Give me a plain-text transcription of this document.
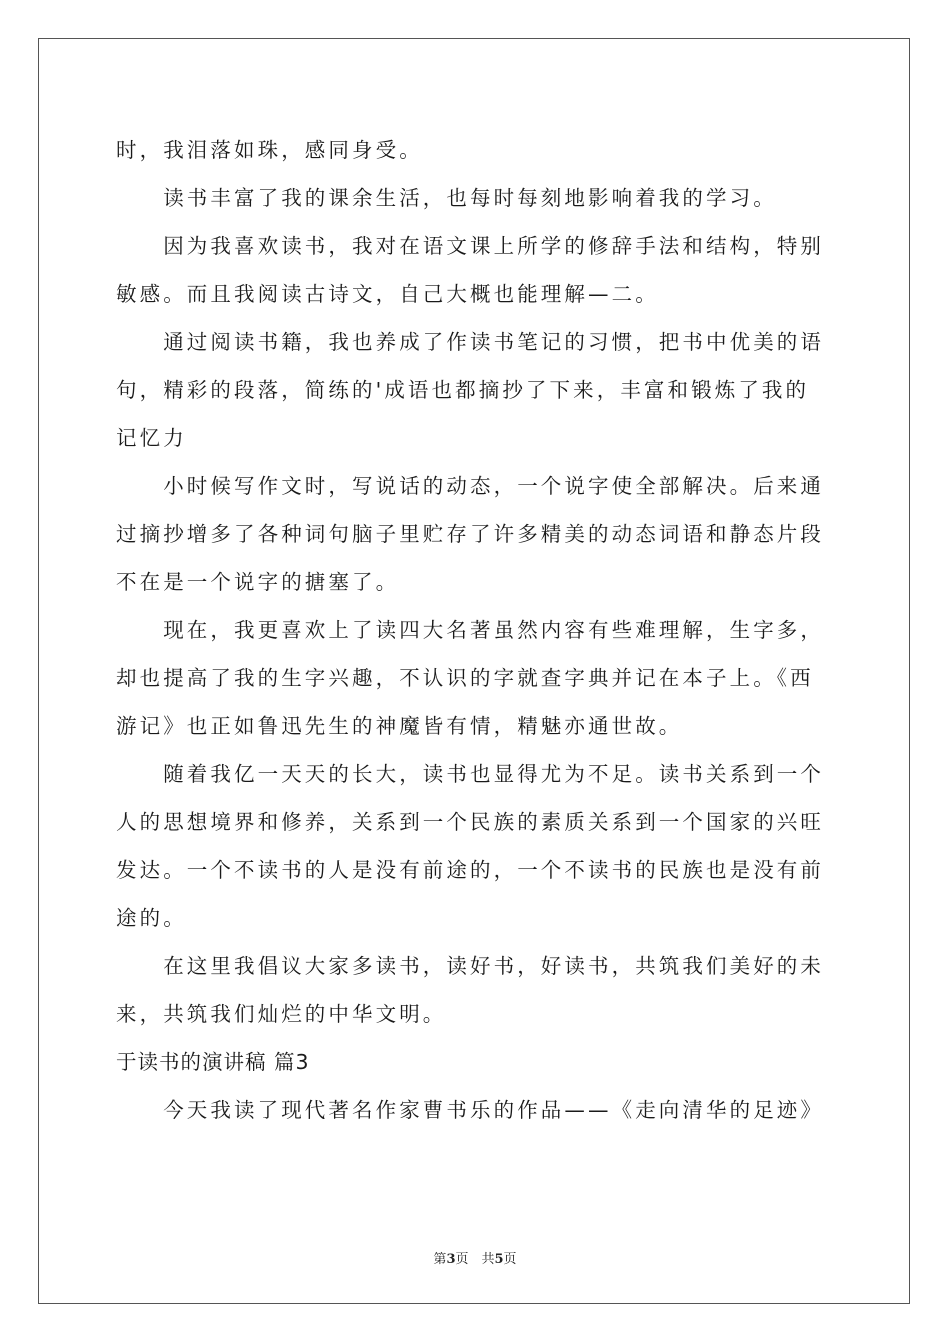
时，我泪落如珠，感同身受。
　　读书丰富了我的课余生活，也每时每刻地影响着我的学习。
　　因为我喜欢读书，我对在语文课上所学的修辞手法和结构，特别
敏感。而且我阅读古诗文，自己大概也能理解—二。
　　通过阅读书籍，我也养成了作读书笔记的习惯，把书中优美的语
句，精彩的段落，简练的'成语也都摘抄了下来，丰富和锻炼了我的
记忆力
　　小时候写作文时，写说话的动态，一个说字使全部解决。后来通
过摘抄增多了各种词句脑子里贮存了许多精美的动态词语和静态片段
不在是一个说字的搪塞了。
　　现在，我更喜欢上了读四大名著虽然内容有些难理解，生字多，
却也提高了我的生字兴趣，不认识的字就查字典并记在本子上。《西
游记》也正如鲁迅先生的神魔皆有情，精魅亦通世故。
　　随着我亿一天天的长大，读书也显得尤为不足。读书关系到一个
人的思想境界和修养，关系到一个民族的素质关系到一个国家的兴旺
发达。一个不读书的人是没有前途的，一个不读书的民族也是没有前
途的。
　　在这里我倡议大家多读书，读好书，好读书，共筑我们美好的未
来，共筑我们灿烂的中华文明。
于读书的演讲稿 篇3
　　今天我读了现代著名作家曹书乐的作品——《走向清华的足迹》
第3页　共5页
